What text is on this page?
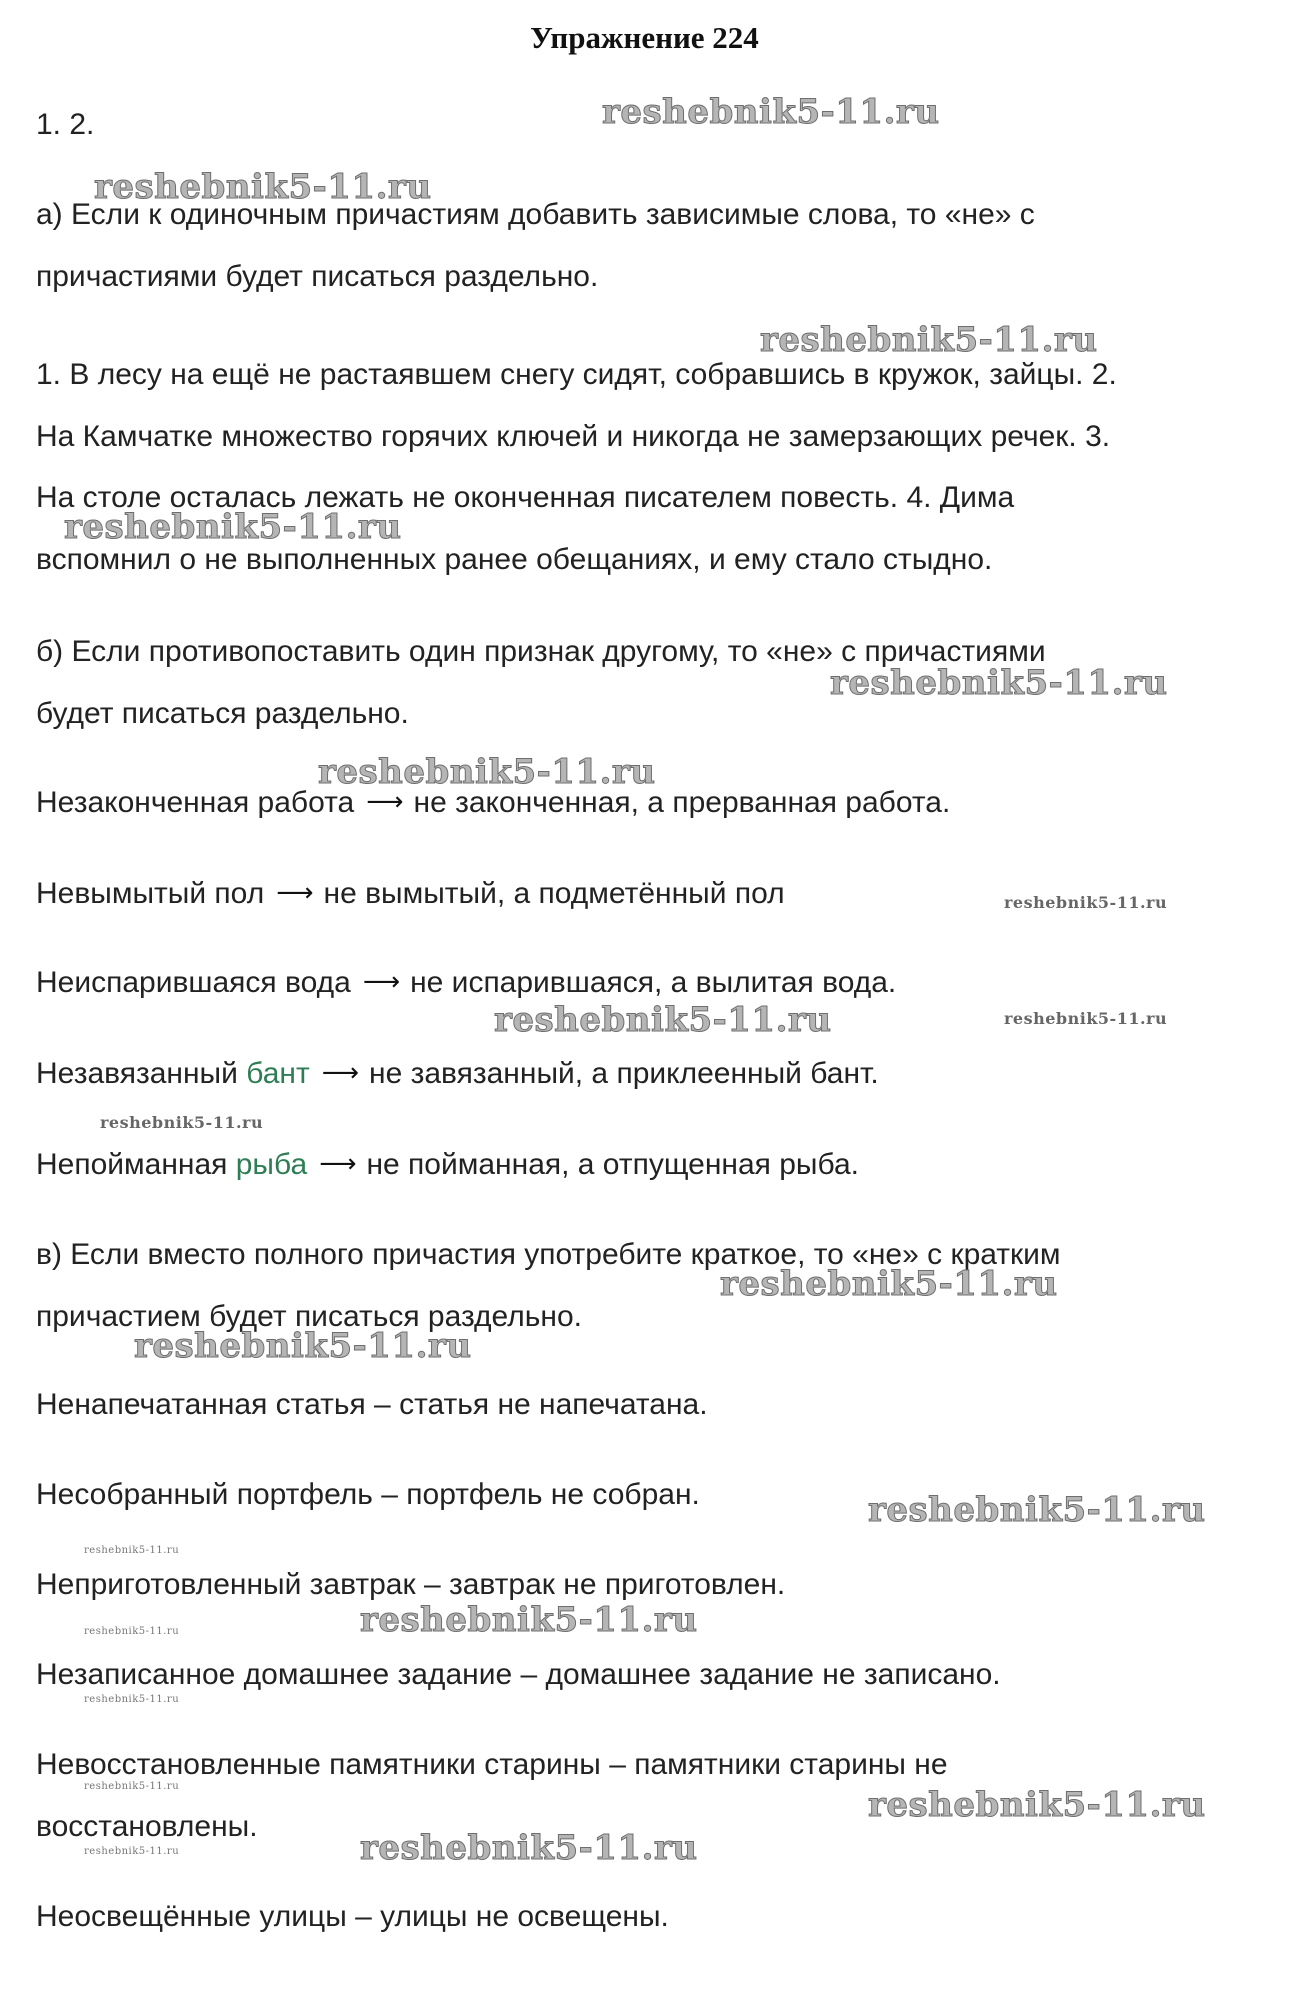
Упражнение 224
1. 2.
а) Если к одиночным причастиям добавить зависимые слова, то «не» с
причастиями будет писаться раздельно.
1. В лесу на ещё не растаявшем снегу сидят, собравшись в кружок, зайцы. 2.
На Камчатке множество горячих ключей и никогда не замерзающих речек. 3.
На столе осталась лежать не оконченная писателем повесть. 4. Дима
вспомнил о не выполненных ранее обещаниях, и ему стало стыдно.
б) Если противопоставить один признак другому, то «не» с причастиями
будет писаться раздельно.
Незаконченная работа ⟶ не законченная, а прерванная работа.
Невымытый пол ⟶ не вымытый, а подметённый пол
Неиспарившаяся вода ⟶ не испарившаяся, а вылитая вода.
Незавязанный бант ⟶ не завязанный, а приклеенный бант.
Непойманная рыба ⟶ не пойманная, а отпущенная рыба.
в) Если вместо полного причастия употребите краткое, то «не» с кратким
причастием будет писаться раздельно.
Ненапечатанная статья – статья не напечатана.
Несобранный портфель – портфель не собран.
Неприготовленный завтрак – завтрак не приготовлен.
Незаписанное домашнее задание – домашнее задание не записано.
Невосстановленные памятники старины – памятники старины не
восстановлены.
Неосвещённые улицы – улицы не освещены.
reshebnik5-11.ru
reshebnik5-11.ru
reshebnik5-11.ru
reshebnik5-11.ru
reshebnik5-11.ru
reshebnik5-11.ru
reshebnik5-11.ru
reshebnik5-11.ru	reshebnik5-11.ru
reshebnik5-11.ru
reshebnik5-11.ru
reshebnik5-11.ru
reshebnik5-11.ru
reshebnik5-11.ru
reshebnik5-11.ru
reshebnik5-11.ru
reshebnik5-11.ru
reshebnik5-11.ru	reshebnik5-11.ru
reshebnik5-11.ru	reshebnik5-11.ru
